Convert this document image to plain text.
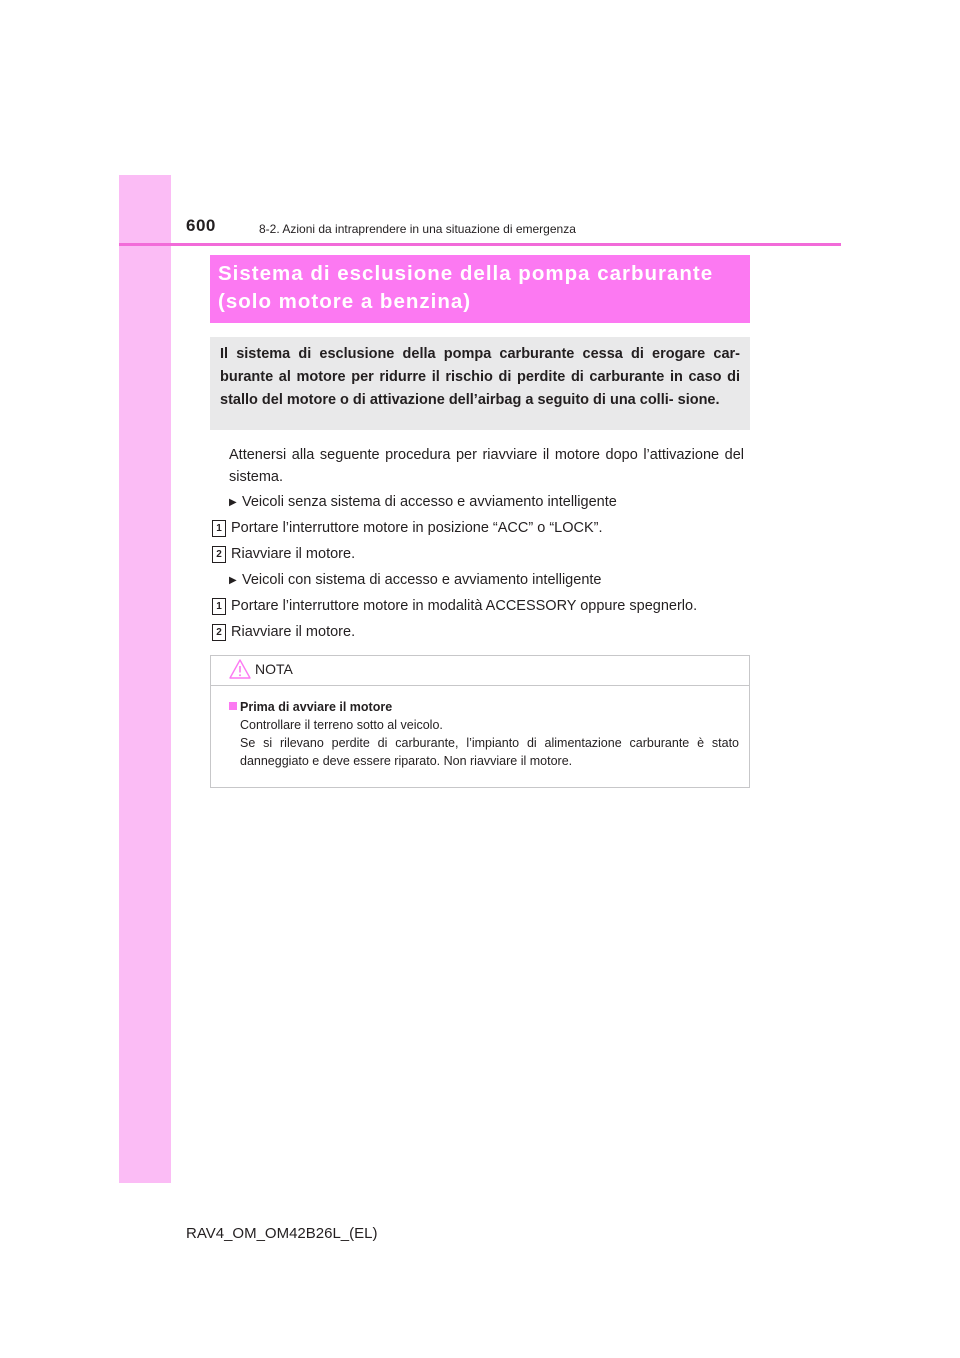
600	8-2. Azioni da intraprendere in una situazione di emergenza
Sistema di esclusione della pompa carburante
(solo motore a benzina)
Il sistema di esclusione della pompa carburante cessa di erogare car- burante al motore per ridurre il rischio di perdite di carburante in caso di stallo del motore o di attivazione dell’airbag a seguito di una colli- sione.
Attenersi alla seguente procedura per riavviare il motore dopo l’attivazione del sistema.
▶ Veicoli senza sistema di accesso e avviamento intelligente
1 Portare l’interruttore motore in posizione “ACC” o “LOCK”.
2 Riavviare il motore.
▶ Veicoli con sistema di accesso e avviamento intelligente
1 Portare l’interruttore motore in modalità ACCESSORY oppure spegnerlo.
2 Riavviare il motore.
NOTA
Prima di avviare il motore
Controllare il terreno sotto al veicolo.
Se si rilevano perdite di carburante, l’impianto di alimentazione carburante è stato danneggiato e deve essere riparato. Non riavviare il motore.
RAV4_OM_OM42B26L_(EL)
